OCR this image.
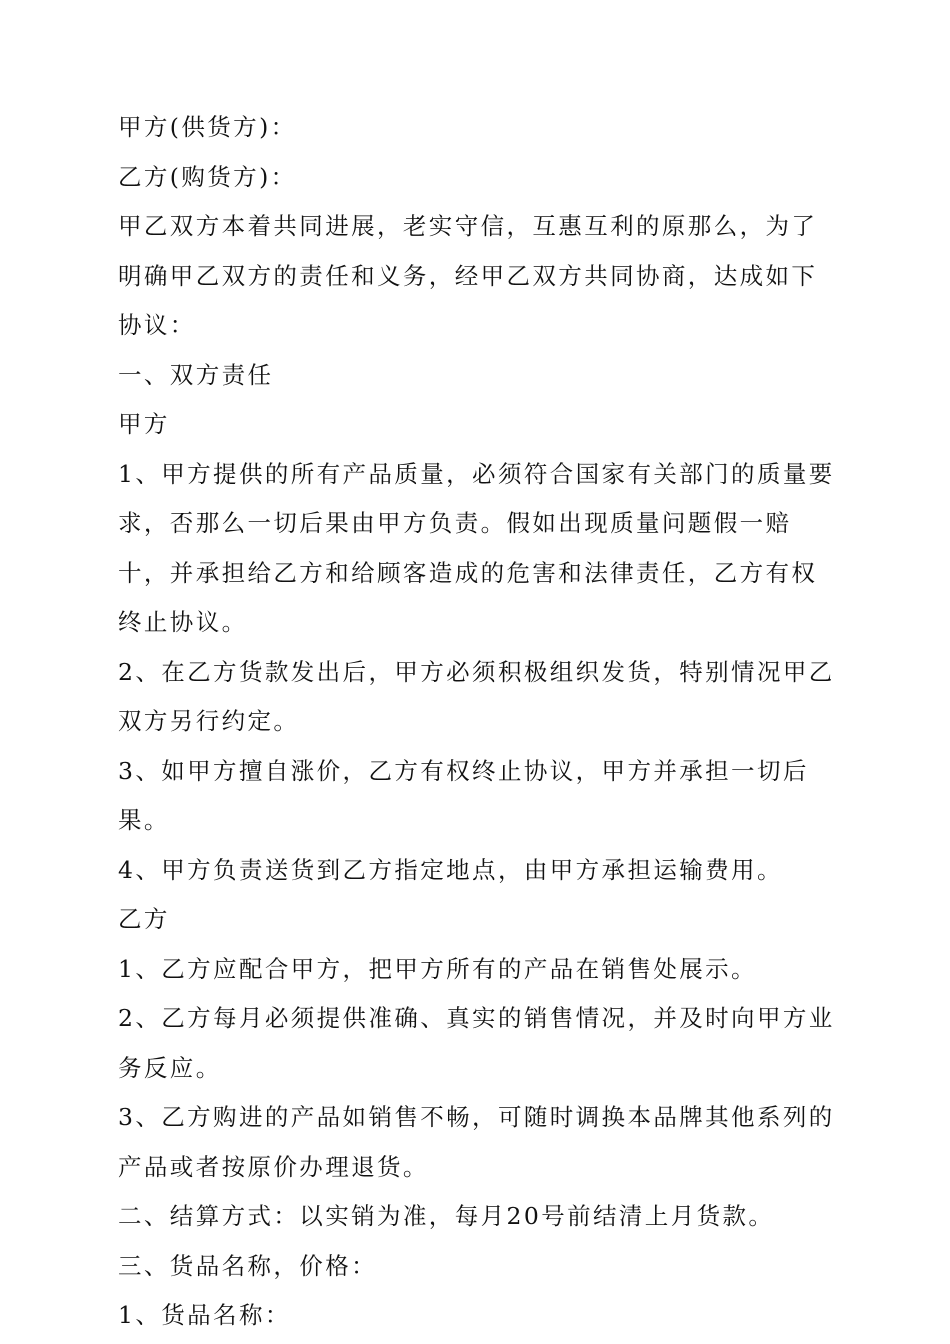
甲方(供货方)：

乙方(购货方)：

甲乙双方本着共同进展，老实守信，互惠互利的原那么，为了明确甲乙双方的责任和义务，经甲乙双方共同协商，达成如下协议：

一、双方责任

甲方

1、甲方提供的所有产品质量，必须符合国家有关部门的质量要求，否那么一切后果由甲方负责。假如出现质量问题假一赔十，并承担给乙方和给顾客造成的危害和法律责任，乙方有权终止协议。

2、在乙方货款发出后，甲方必须积极组织发货，特别情况甲乙双方另行约定。

3、如甲方擅自涨价，乙方有权终止协议，甲方并承担一切后果。

4、甲方负责送货到乙方指定地点，由甲方承担运输费用。

乙方

1、乙方应配合甲方，把甲方所有的产品在销售处展示。

2、乙方每月必须提供准确、真实的销售情况，并及时向甲方业务反应。

3、乙方购进的产品如销售不畅，可随时调换本品牌其他系列的产品或者按原价办理退货。

二、结算方式：以实销为准，每月20号前结清上月货款。

三、货品名称，价格：

1、货品名称：
